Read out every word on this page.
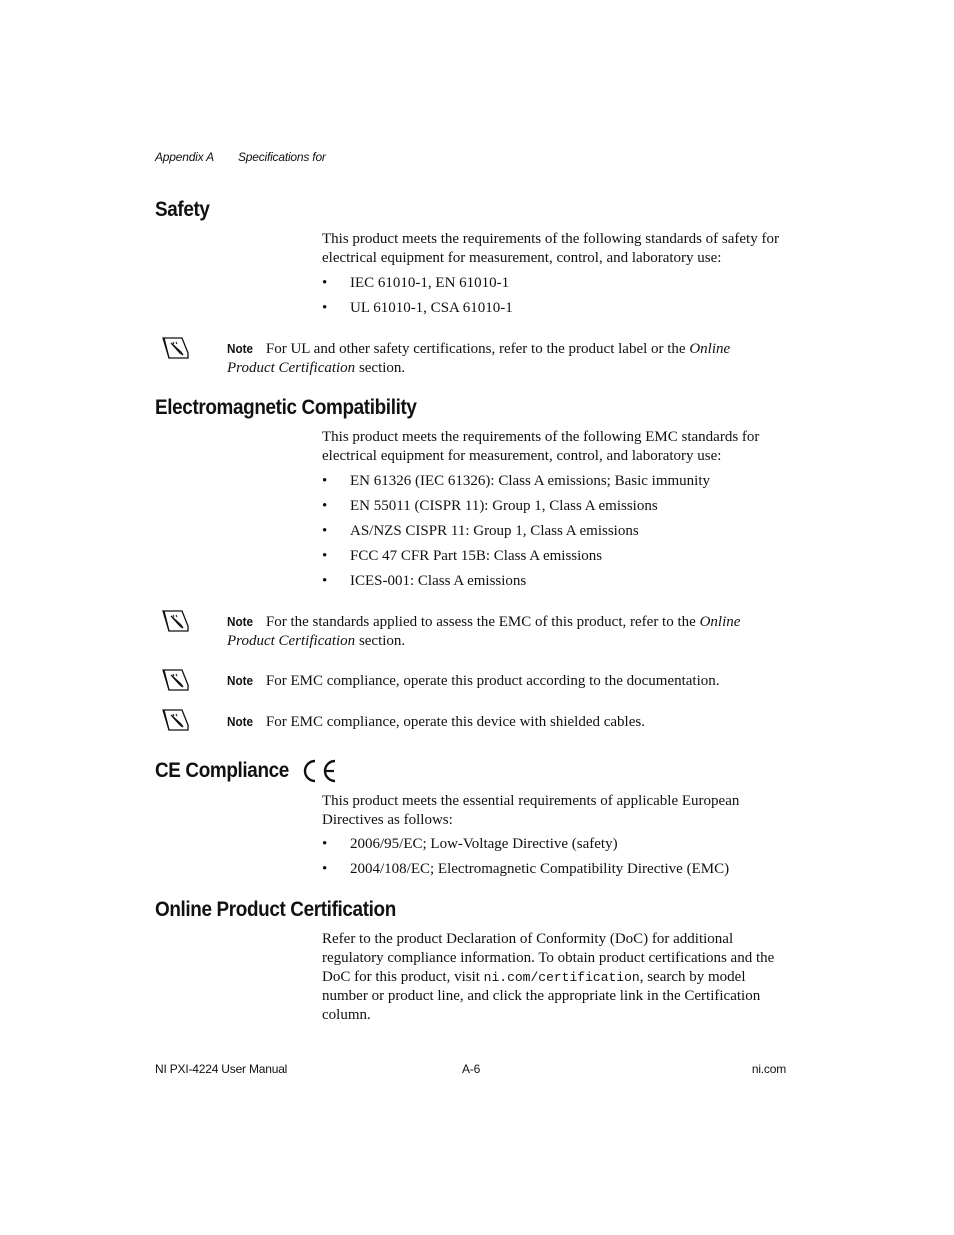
Appendix A Specifications for
Safety
This product meets the requirements of the following standards of safety for electrical equipment for measurement, control, and laboratory use:
• IEC 61010-1, EN 61010-1
• UL 61010-1, CSA 61010-1
Note For UL and other safety certifications, refer to the product label or the Online Product Certification section.
Electromagnetic Compatibility
This product meets the requirements of the following EMC standards for electrical equipment for measurement, control, and laboratory use:
• EN 61326 (IEC 61326): Class A emissions; Basic immunity
• EN 55011 (CISPR 11): Group 1, Class A emissions
• AS/NZS CISPR 11: Group 1, Class A emissions
• FCC 47 CFR Part 15B: Class A emissions
• ICES-001: Class A emissions
Note For the standards applied to assess the EMC of this product, refer to the Online Product Certification section.
Note For EMC compliance, operate this product according to the documentation.
Note For EMC compliance, operate this device with shielded cables.
CE Compliance
This product meets the essential requirements of applicable European Directives as follows:
• 2006/95/EC; Low-Voltage Directive (safety)
• 2004/108/EC; Electromagnetic Compatibility Directive (EMC)
Online Product Certification
Refer to the product Declaration of Conformity (DoC) for additional regulatory compliance information. To obtain product certifications and the DoC for this product, visit ni.com/certification, search by model number or product line, and click the appropriate link in the Certification column.
NI PXI-4224 User Manual	A-6	ni.com
